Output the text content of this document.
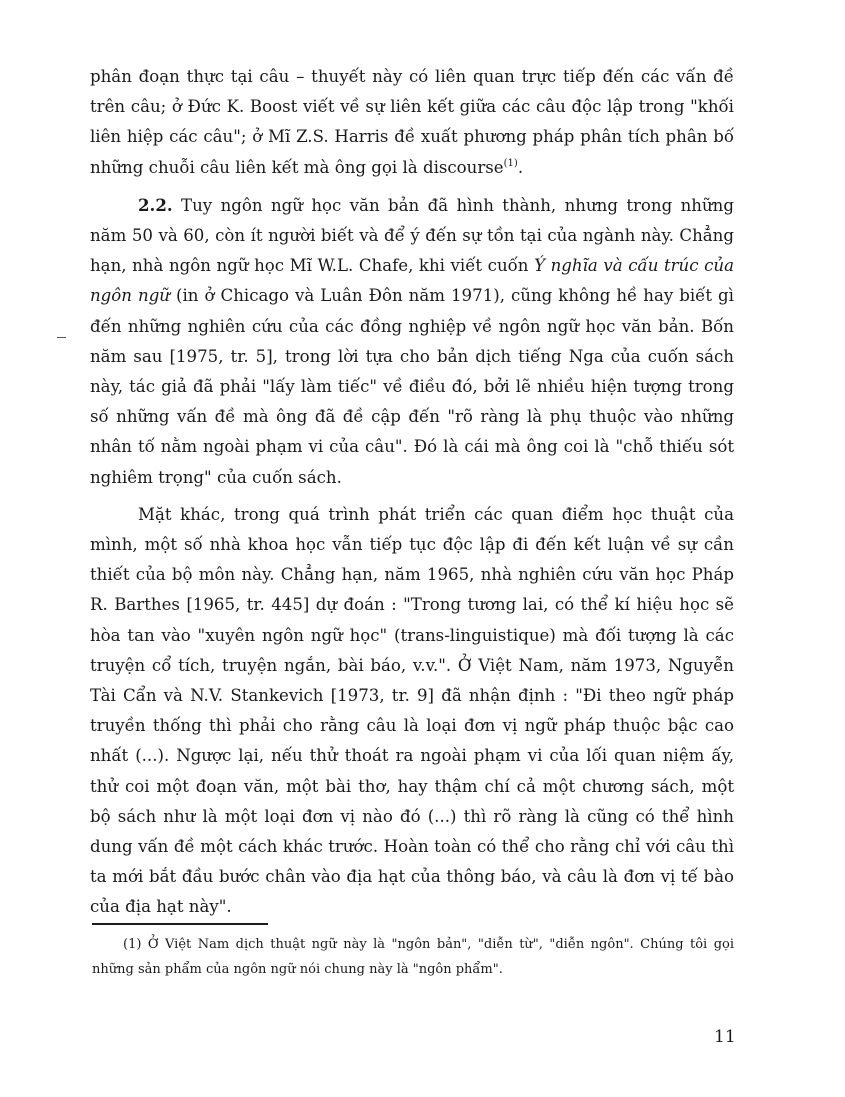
phân đoạn thực tại câu – thuyết này có liên quan trực tiếp đến các vấn đề trên câu; ở Đức K. Boost viết về sự liên kết giữa các câu độc lập trong "khối liên hiệp các câu"; ở Mĩ Z.S. Harris đề xuất phương pháp phân tích phân bố những chuỗi câu liên kết mà ông gọi là discourse$^{(1)}$.

2.2. Tuy ngôn ngữ học văn bản đã hình thành, nhưng trong những năm 50 và 60, còn ít người biết và để ý đến sự tồn tại của ngành này. Chẳng hạn, nhà ngôn ngữ học Mĩ W.L. Chafe, khi viết cuốn Ý nghĩa và cấu trúc của ngôn ngữ (in ở Chicago và Luân Đôn năm 1971), cũng không hề hay biết gì đến những nghiên cứu của các đồng nghiệp về ngôn ngữ học văn bản. Bốn năm sau [1975, tr. 5], trong lời tựa cho bản dịch tiếng Nga của cuốn sách này, tác giả đã phải "lấy làm tiếc" về điều đó, bởi lẽ nhiều hiện tượng trong số những vấn đề mà ông đã đề cập đến "rõ ràng là phụ thuộc vào những nhân tố nằm ngoài phạm vi của câu". Đó là cái mà ông coi là "chỗ thiếu sót nghiêm trọng" của cuốn sách.

Mặt khác, trong quá trình phát triển các quan điểm học thuật của mình, một số nhà khoa học vẫn tiếp tục độc lập đi đến kết luận về sự cần thiết của bộ môn này. Chẳng hạn, năm 1965, nhà nghiên cứu văn học Pháp R. Barthes [1965, tr. 445] dự đoán : "Trong tương lai, có thể kí hiệu học sẽ hòa tan vào "xuyên ngôn ngữ học" (trans-linguistique) mà đối tượng là các truyện cổ tích, truyện ngắn, bài báo, v.v.". Ở Việt Nam, năm 1973, Nguyễn Tài Cẩn và N.V. Stankevich [1973, tr. 9] đã nhận định : "Đi theo ngữ pháp truyền thống thì phải cho rằng câu là loại đơn vị ngữ pháp thuộc bậc cao nhất (...). Ngược lại, nếu thử thoát ra ngoài phạm vi của lối quan niệm ấy, thử coi một đoạn văn, một bài thơ, hay thậm chí cả một chương sách, một bộ sách như là một loại đơn vị nào đó (...) thì rõ ràng là cũng có thể hình dung vấn đề một cách khác trước. Hoàn toàn có thể cho rằng chỉ với câu thì ta mới bắt đầu bước chân vào địa hạt của thông báo, và câu là đơn vị tế bào của địa hạt này".

(1) Ở Việt Nam dịch thuật ngữ này là "ngôn bản", "diễn từ", "diễn ngôn". Chúng tôi gọi những sản phẩm của ngôn ngữ nói chung này là "ngôn phẩm".

11
